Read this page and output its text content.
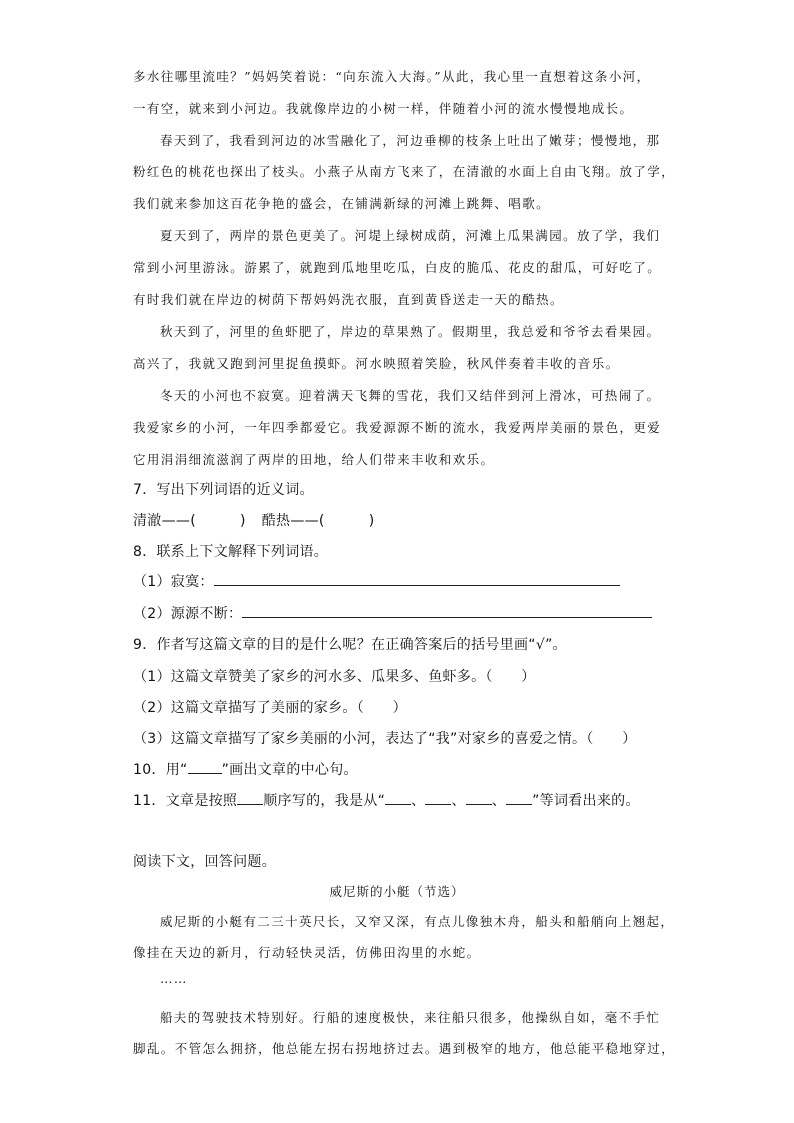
多水往哪里流哇？”妈妈笑着说：“向东流入大海。”从此，我心里一直想着这条小河，
一有空，就来到小河边。我就像岸边的小树一样，伴随着小河的流水慢慢地成长。
春天到了，我看到河边的冰雪融化了，河边垂柳的枝条上吐出了嫩芽；慢慢地，那
粉红色的桃花也探出了枝头。小燕子从南方飞来了，在清澈的水面上自由飞翔。放了学，
我们就来参加这百花争艳的盛会，在铺满新绿的河滩上跳舞、唱歌。
夏天到了，两岸的景色更美了。河堤上绿树成荫，河滩上瓜果满园。放了学，我们
常到小河里游泳。游累了，就跑到瓜地里吃瓜，白皮的脆瓜、花皮的甜瓜，可好吃了。
有时我们就在岸边的树荫下帮妈妈洗衣服，直到黄昏送走一天的酷热。
秋天到了，河里的鱼虾肥了，岸边的草果熟了。假期里，我总爱和爷爷去看果园。
高兴了，我就又跑到河里捉鱼摸虾。河水映照着笑脸，秋风伴奏着丰收的音乐。
冬天的小河也不寂寞。迎着满天飞舞的雪花，我们又结伴到河上滑冰，可热闹了。
我爱家乡的小河，一年四季都爱它。我爱源源不断的流水，我爱两岸美丽的景色，更爱
它用涓涓细流滋润了两岸的田地，给人们带来丰收和欢乐。
7．写出下列词语的近义词。
清澈——(	) 酷热——(	)
8．联系上下文解释下列词语。
（1）寂寞：
（2）源源不断：
9．作者写这篇文章的目的是什么呢？在正确答案后的括号里画“√”。
（1）这篇文章赞美了家乡的河水多、瓜果多、鱼虾多。（　　）
（2）这篇文章描写了美丽的家乡。（　　）
（3）这篇文章描写了家乡美丽的小河，表达了“我”对家乡的喜爱之情。（　　）
10．用“ ”画出文章的中心句。
11．文章是按照 顺序写的，我是从“ 、 、 、 ”等词看出来的。
阅读下文，回答问题。
威尼斯的小艇（节选）
威尼斯的小艇有二三十英尺长，又窄又深，有点儿像独木舟，船头和船艄向上翘起，
像挂在天边的新月，行动轻快灵活，仿佛田沟里的水蛇。
……
船夫的驾驶技术特别好。行船的速度极快，来往船只很多，他操纵自如，毫不手忙
脚乱。不管怎么拥挤，他总能左拐右拐地挤过去。遇到极窄的地方，他总能平稳地穿过，
